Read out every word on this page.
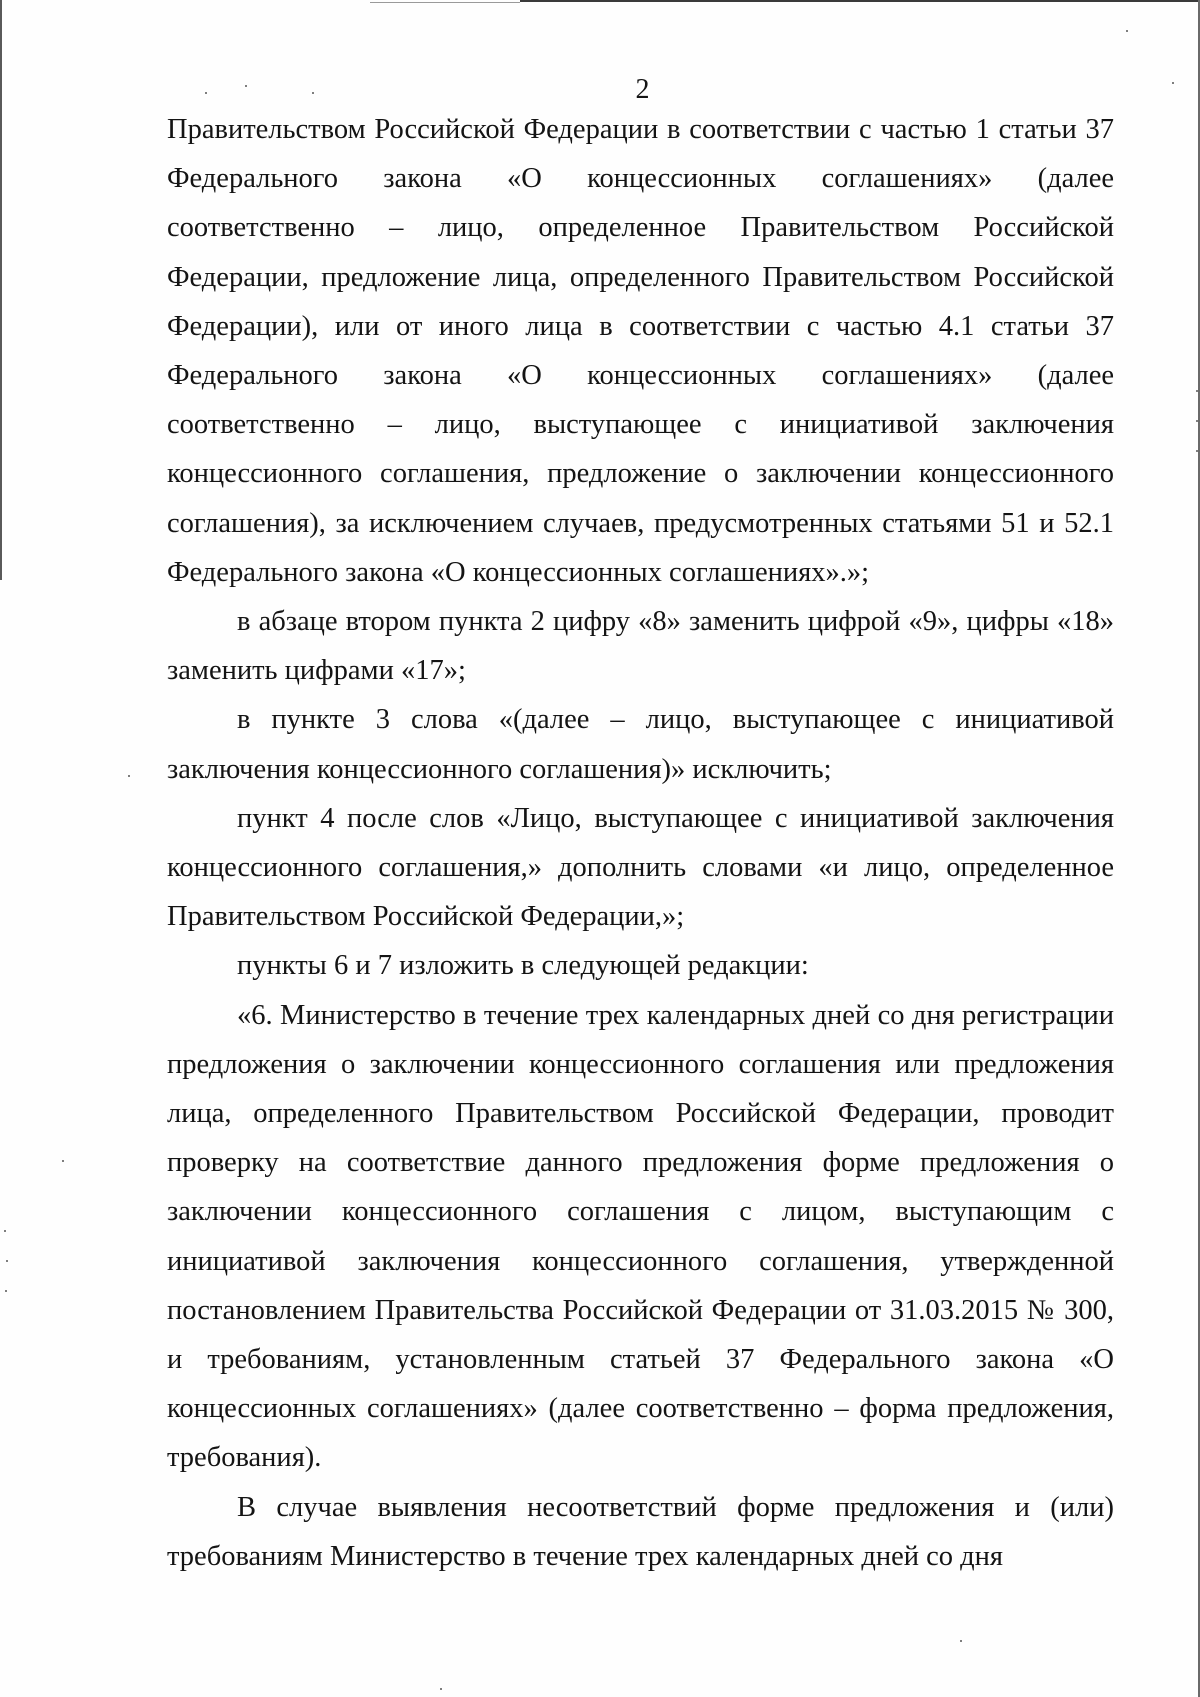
2

Правительством Российской Федерации в соответствии с частью 1 статьи 37 Федерального закона «О концессионных соглашениях» (далее соответственно – лицо, определенное Правительством Российской Федерации, предложение лица, определенного Правительством Российской Федерации), или от иного лица в соответствии с частью 4.1 статьи 37 Федерального закона «О концессионных соглашениях» (далее соответственно – лицо, выступающее с инициативой заключения концессионного соглашения, предложение о заключении концессионного соглашения), за исключением случаев, предусмотренных статьями 51 и 52.1 Федерального закона «О концессионных соглашениях».»;

в абзаце втором пункта 2 цифру «8» заменить цифрой «9», цифры «18» заменить цифрами «17»;

в пункте 3 слова «(далее – лицо, выступающее с инициативой заключения концессионного соглашения)» исключить;

пункт 4 после слов «Лицо, выступающее с инициативой заключения концессионного соглашения,» дополнить словами «и лицо, определенное Правительством Российской Федерации,»;

пункты 6 и 7 изложить в следующей редакции:

«6. Министерство в течение трех календарных дней со дня регистрации предложения о заключении концессионного соглашения или предложения лица, определенного Правительством Российской Федерации, проводит проверку на соответствие данного предложения форме предложения о заключении концессионного соглашения с лицом, выступающим с инициативой заключения концессионного соглашения, утвержденной постановлением Правительства Российской Федерации от 31.03.2015 № 300, и требованиям, установленным статьей 37 Федерального закона «О концессионных соглашениях» (далее соответственно – форма предложения, требования).

В случае выявления несоответствий форме предложения и (или) требованиям Министерство в течение трех календарных дней со дня
